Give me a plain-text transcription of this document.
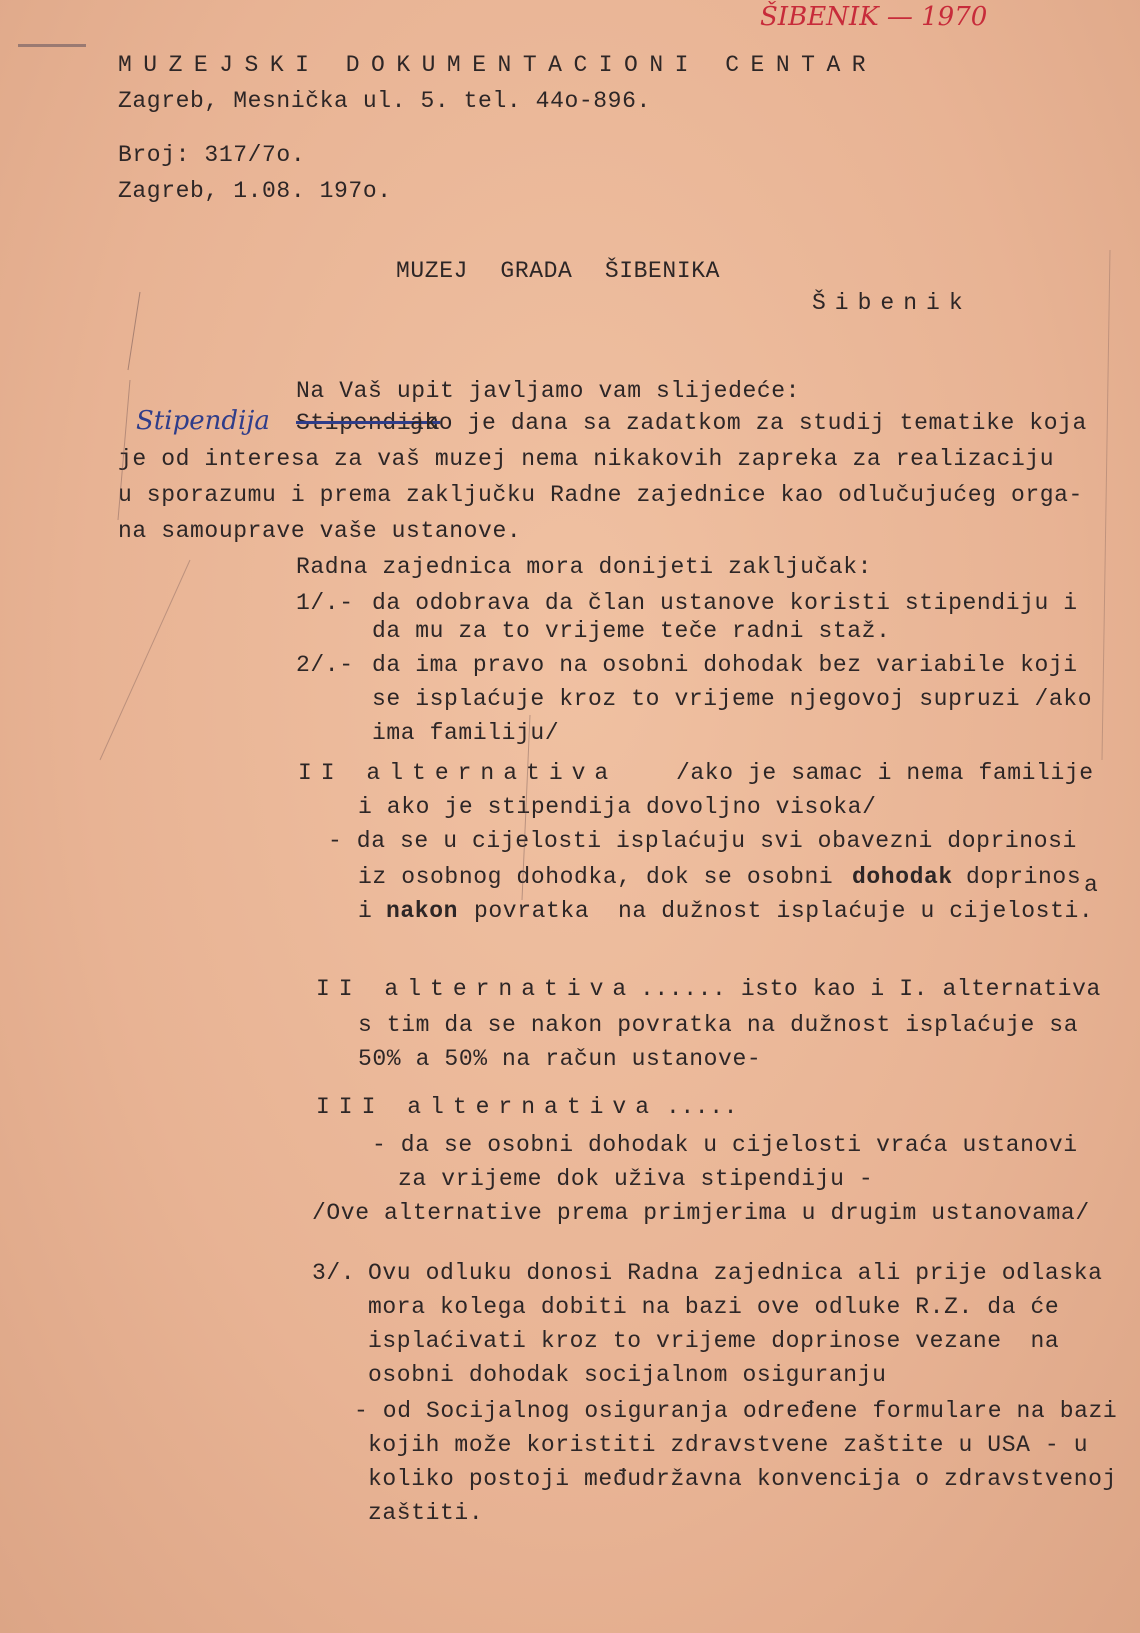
ŠIBENIK — 1970
MUZEJSKI DOKUMENTACIONI CENTAR
Zagreb, Mesnička ul. 5. tel. 44o-896.
Broj: 317/7o.
Zagreb, 1.08. 197o.
MUZEJ GRADA ŠIBENIKA
Šibenik
Na Vaš upit javljamo vam slijedeće:
Stipendija Stipendija
ako je dana sa zadatkom za studij tematike koja
je od interesa za vaš muzej nema nikakovih zapreka za realizaciju
u sporazumu i prema zaključku Radne zajednice kao odlučujućeg orga-
na samouprave vaše ustanove.
Radna zajednica mora donijeti zaključak:
1/.- da odobrava da član ustanove koristi stipendiju i
da mu za to vrijeme teče radni staž.
2/.- da ima pravo na osobni dohodak bez variabile koji
se isplaćuje kroz to vrijeme njegovoj supruzi /ako
ima familiju/
II alternativa	/ako je samac i nema familije
i ako je stipendija dovoljno visoka/
- da se u cijelosti isplaćuju svi obavezni doprinosi
iz osobnog dohodka, dok se osobni dohodak doprinos a
i nakon povratka  na dužnost isplaćuje u cijelosti.
II alternativa ...... isto kao i I. alternativa
s tim da se nakon povratka na dužnost isplaćuje sa
50% a 50% na račun ustanove-
III alternativa .....
- da se osobni dohodak u cijelosti vraća ustanovi
za vrijeme dok uživa stipendiju -
/Ove alternative prema primjerima u drugim ustanovama/
3/. Ovu odluku donosi Radna zajednica ali prije odlaska
mora kolega dobiti na bazi ove odluke R.Z. da će
isplaćivati kroz to vrijeme doprinose vezane  na
osobni dohodak socijalnom osiguranju
- od Socijalnog osiguranja određene formulare na bazi
kojih može koristiti zdravstvene zaštite u USA - u
koliko postoji međudržavna konvencija o zdravstvenoj
zaštiti.
